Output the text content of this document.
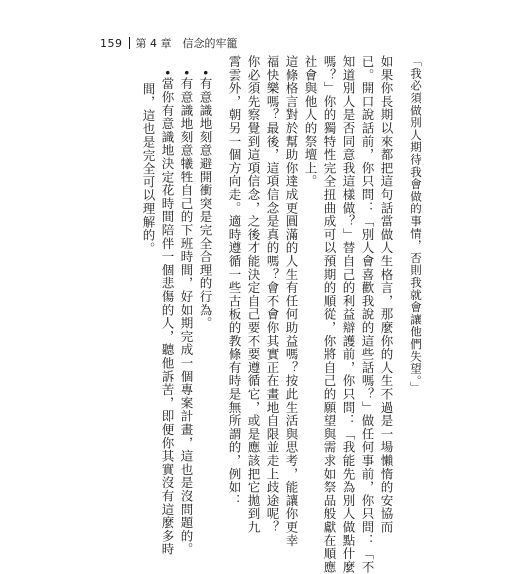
159 第 4 章　信念的牢籠
「我必須做別人期待我會做的事情，否則我就會讓他們失望。」
如果你長期以來都把這句話當做人生格言，那麼你的人生不過是一場懶惰的安協而
已。開口說話前，你只問：「別人會喜歡我說的這些話嗎？」做任何事前，你只問：「不
知道別人是否同意我這樣做？」替自己的利益辯護前，你只問：「我能先為別人做點什麼
嗎？」你的獨特性完全扭曲成可以預期的順從，你將自己的願望與需求如祭品般獻在順應
社會與他人的祭壇上。
這條格言對於幫助你達成更圓滿的人生有任何助益嗎？按此生活與思考，能讓你更幸
福快樂嗎？最後，這項信念是真的嗎？會不會你其實正在畫地自限並走上歧途呢？
你必須先察覺到這項信念，之後才能決定自己要不要遵循它，或是應該把它拋到九
霄雲外，朝另一個方向走。適時遵循一些古板的教條有時是無所謂的，例如：
•有意識地刻意避開衝突是完全合理的行為。
•有意識地刻意犧牲自己的下班時間，好如期完成一個專案計畫，這也是沒問題的。
•當你有意識地決定花時間陪伴一個悲傷的人，聽他訴苦，即便你其實沒有這麼多時
　間，這也是完全可以理解的。
